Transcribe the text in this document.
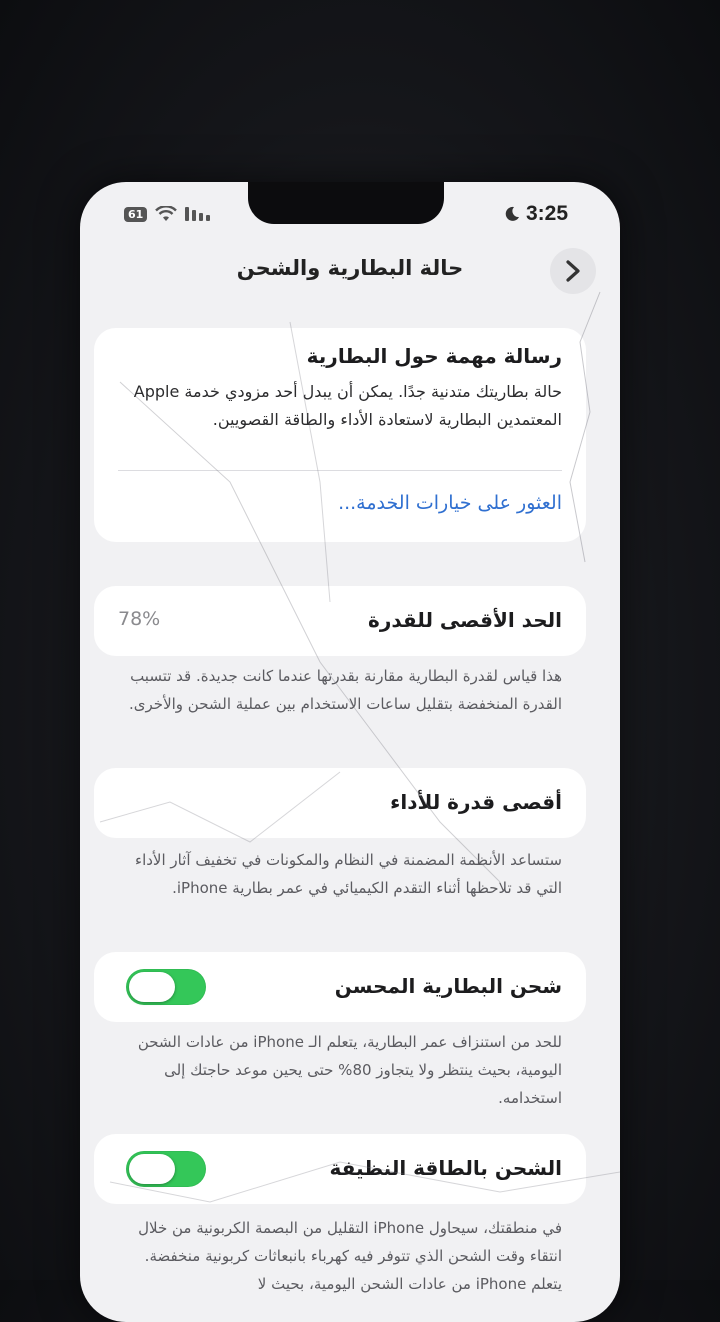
61	3:25
حالة البطارية والشحن
رسالة مهمة حول البطارية
حالة بطاريتك متدنية جدًا. يمكن أن يبدل أحد مزودي خدمة Apple المعتمدين البطارية لاستعادة الأداء والطاقة القصويين.
العثور على خيارات الخدمة...
الحد الأقصى للقدرة
78%
هذا قياس لقدرة البطارية مقارنة بقدرتها عندما كانت جديدة. قد تتسبب القدرة المنخفضة بتقليل ساعات الاستخدام بين عملية الشحن والأخرى.
أقصى قدرة للأداء
ستساعد الأنظمة المضمنة في النظام والمكونات في تخفيف آثار الأداء التي قد تلاحظها أثناء التقدم الكيميائي في عمر بطارية iPhone.
شحن البطارية المحسن
للحد من استنزاف عمر البطارية، يتعلم الـ iPhone من عادات الشحن اليومية، بحيث ينتظر ولا يتجاوز 80% حتى يحين موعد حاجتك إلى استخدامه.
الشحن بالطاقة النظيفة
في منطقتك، سيحاول iPhone التقليل من البصمة الكربونية من خلال انتقاء وقت الشحن الذي تتوفر فيه كهرباء بانبعاثات كربونية منخفضة. يتعلم iPhone من عادات الشحن اليومية، بحيث لا
